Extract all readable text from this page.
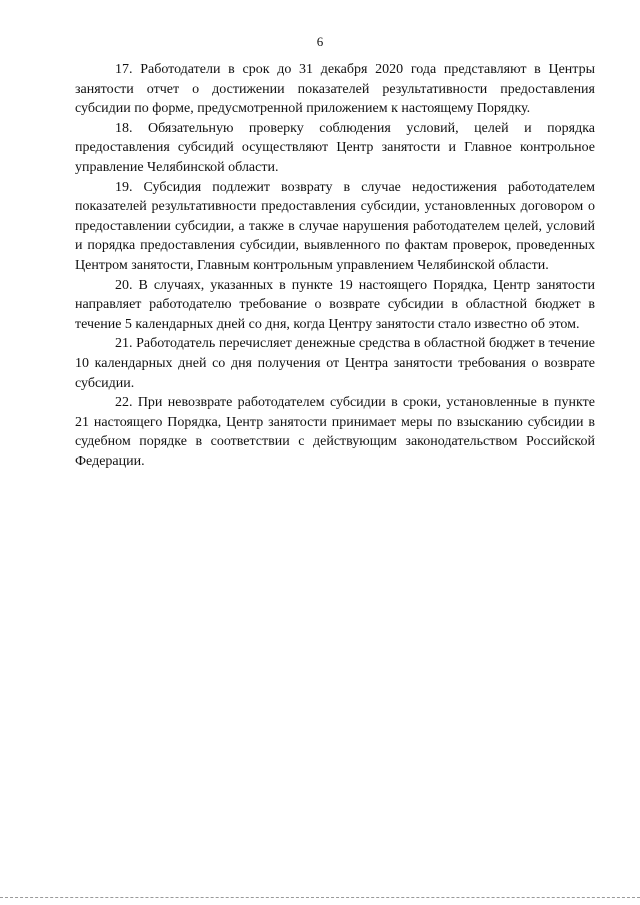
6

17. Работодатели в срок до 31 декабря 2020 года представляют в Центры занятости отчет о достижении показателей результативности предоставления субсидии по форме, предусмотренной приложением к настоящему Порядку.

18. Обязательную проверку соблюдения условий, целей и порядка предоставления субсидий осуществляют Центр занятости и Главное контрольное управление Челябинской области.

19. Субсидия подлежит возврату в случае недостижения работодателем показателей результативности предоставления субсидии, установленных договором о предоставлении субсидии, а также в случае нарушения работодателем целей, условий и порядка предоставления субсидии, выявленного по фактам проверок, проведенных Центром занятости, Главным контрольным управлением Челябинской области.

20. В случаях, указанных в пункте 19 настоящего Порядка, Центр занятости направляет работодателю требование о возврате субсидии в областной бюджет в течение 5 календарных дней со дня, когда Центру занятости стало известно об этом.

21. Работодатель перечисляет денежные средства в областной бюджет в течение 10 календарных дней со дня получения от Центра занятости требования о возврате субсидии.

22. При невозврате работодателем субсидии в сроки, установленные в пункте 21 настоящего Порядка, Центр занятости принимает меры по взысканию субсидии в судебном порядке в соответствии с действующим законодательством Российской Федерации.
